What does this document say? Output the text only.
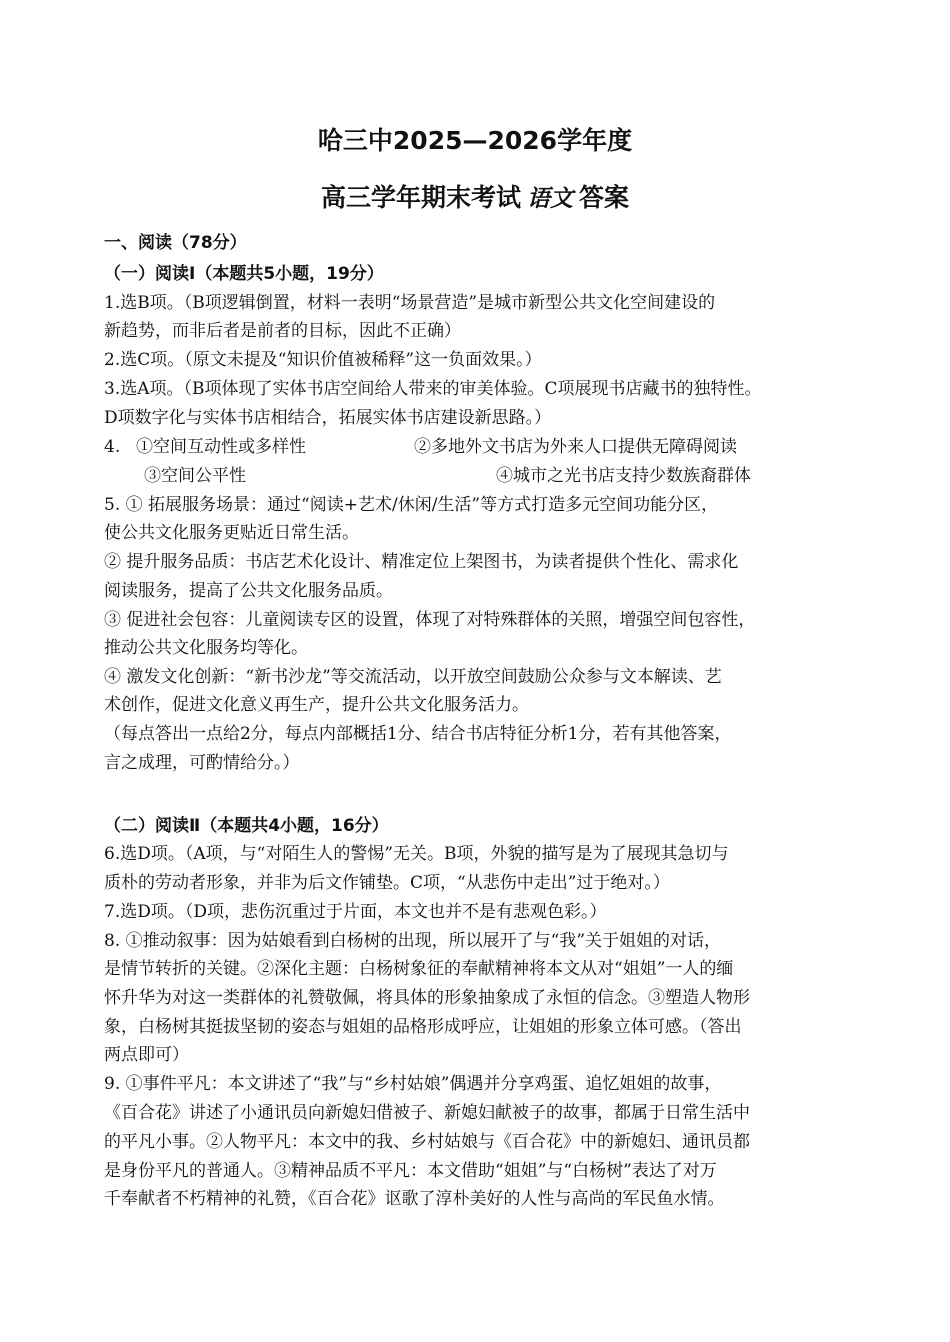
哈三中2025—2026学年度
高三学年期末考试 语文 答案
一、阅读（78分）
（一）阅读Ⅰ（本题共5小题，19分）
1.选B项。（B项逻辑倒置，材料一表明“场景营造”是城市新型公共文化空间建设的
新趋势，而非后者是前者的目标，因此不正确）
2.选C项。（原文未提及“知识价值被稀释”这一负面效果。）
3.选A项。（B项体现了实体书店空间给人带来的审美体验。C项展现书店藏书的独特性。
D项数字化与实体书店相结合，拓展实体书店建设新思路。）
4. ①空间互动性或多样性	②多地外文书店为外来人口提供无障碍阅读
③空间公平性	④城市之光书店支持少数族裔群体
5. ① 拓展服务场景：通过“阅读+艺术/休闲/生活”等方式打造多元空间功能分区，
使公共文化服务更贴近日常生活。
② 提升服务品质：书店艺术化设计、精准定位上架图书，为读者提供个性化、需求化
阅读服务，提高了公共文化服务品质。
③ 促进社会包容：儿童阅读专区的设置，体现了对特殊群体的关照，增强空间包容性，
推动公共文化服务均等化。
④ 激发文化创新：“新书沙龙”等交流活动，以开放空间鼓励公众参与文本解读、艺
术创作，促进文化意义再生产，提升公共文化服务活力。
（每点答出一点给2分，每点内部概括1分、结合书店特征分析1分，若有其他答案，
言之成理，可酌情给分。）
（二）阅读Ⅱ（本题共4小题，16分）
6.选D项。（A项，与“对陌生人的警惕”无关。B项，外貌的描写是为了展现其急切与
质朴的劳动者形象，并非为后文作铺垫。C项，“从悲伤中走出”过于绝对。）
7.选D项。（D项，悲伤沉重过于片面，本文也并不是有悲观色彩。）
8. ①推动叙事：因为姑娘看到白杨树的出现，所以展开了与“我”关于姐姐的对话，
是情节转折的关键。②深化主题：白杨树象征的奉献精神将本文从对“姐姐”一人的缅
怀升华为对这一类群体的礼赞敬佩，将具体的形象抽象成了永恒的信念。③塑造人物形
象，白杨树其挺拔坚韧的姿态与姐姐的品格形成呼应，让姐姐的形象立体可感。（答出
两点即可）
9. ①事件平凡：本文讲述了“我”与“乡村姑娘”偶遇并分享鸡蛋、追忆姐姐的故事，
《百合花》讲述了小通讯员向新媳妇借被子、新媳妇献被子的故事，都属于日常生活中
的平凡小事。②人物平凡：本文中的我、乡村姑娘与《百合花》中的新媳妇、通讯员都
是身份平凡的普通人。③精神品质不平凡：本文借助“姐姐”与“白杨树”表达了对万
千奉献者不朽精神的礼赞，《百合花》讴歌了淳朴美好的人性与高尚的军民鱼水情。
